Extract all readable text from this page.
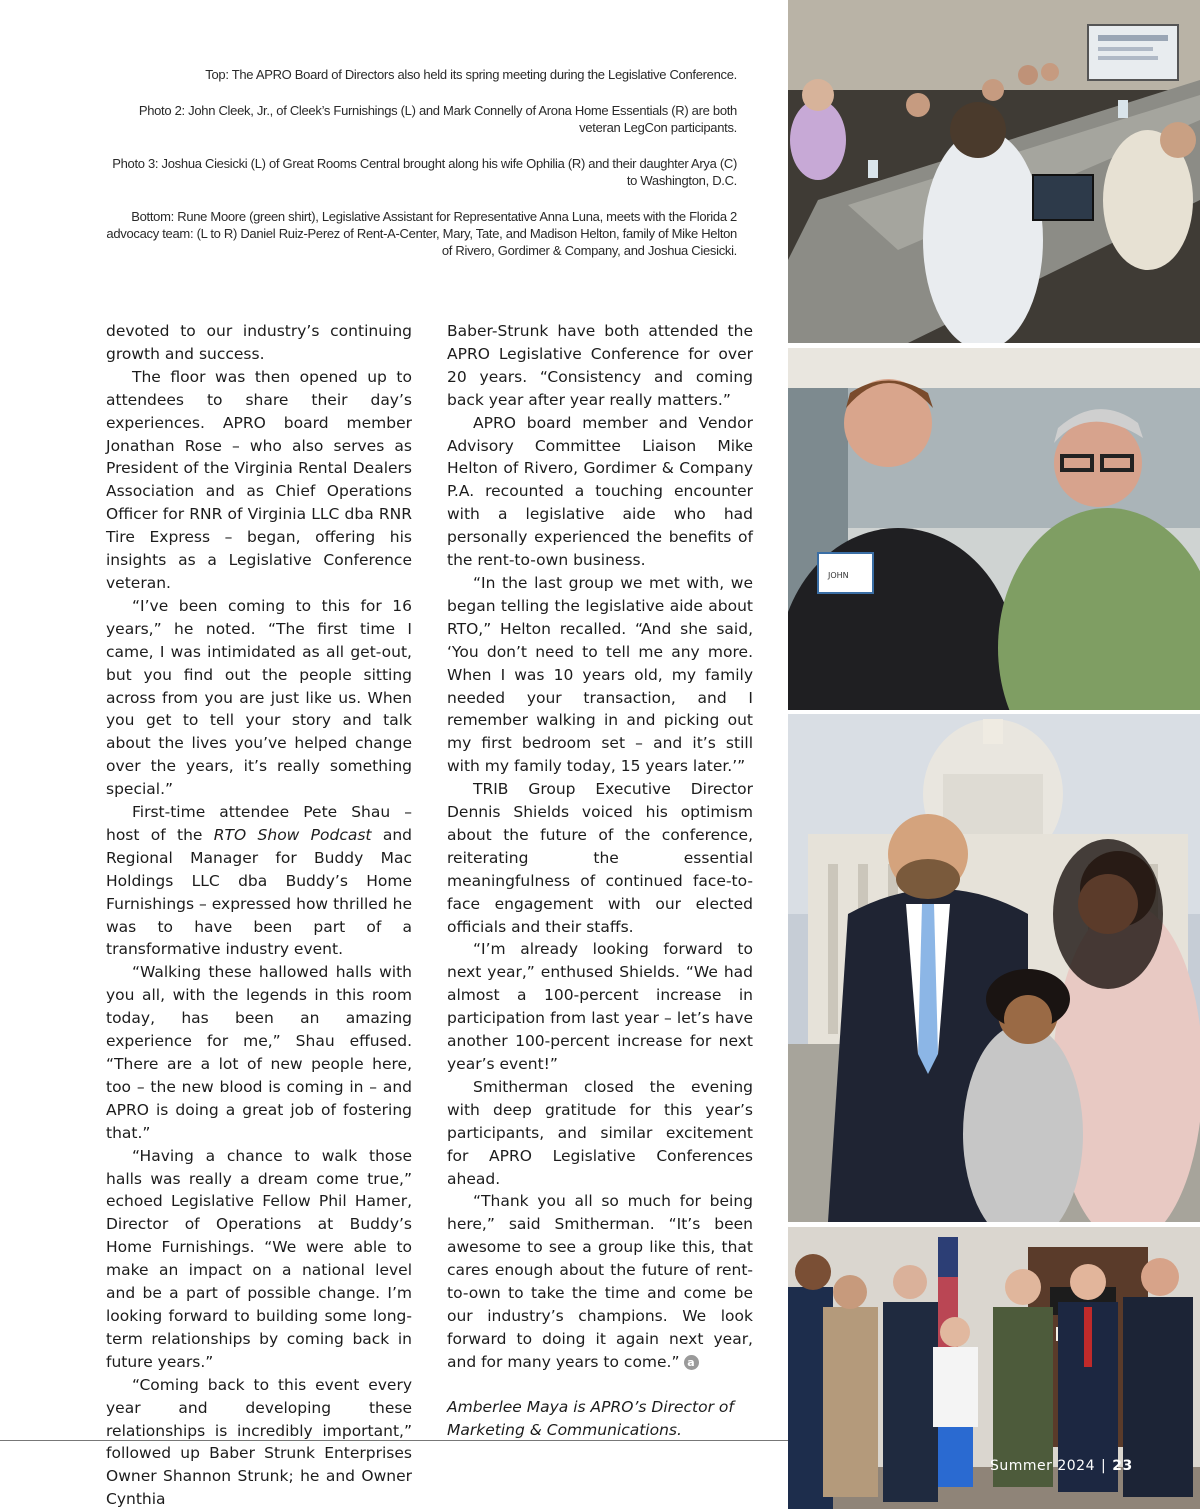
Top: The APRO Board of Directors also held its spring meeting during the Legislative Conference.

Photo 2: John Cleek, Jr., of Cleek’s Furnishings (L) and Mark Connelly of Arona Home Essentials (R) are both veteran LegCon participants.

Photo 3: Joshua Ciesicki (L) of Great Rooms Central brought along his wife Ophilia (R) and their daughter Arya (C) to Washington, D.C.

Bottom: Rune Moore (green shirt), Legislative Assistant for Representative Anna Luna, meets with the Florida 2 advocacy team: (L to R) Daniel Ruiz-Perez of Rent-A-Center, Mary, Tate, and Madison Helton, family of Mike Helton of Rivero, Gordimer & Company, and Joshua Ciesicki.

devoted to our industry’s continuing growth and success.

The floor was then opened up to attendees to share their day’s experiences. APRO board member Jonathan Rose – who also serves as President of the Virginia Rental Dealers Association and as Chief Operations Officer for RNR of Virginia LLC dba RNR Tire Express – began, offering his insights as a Legislative Conference veteran.

“I’ve been coming to this for 16 years,” he noted. “The first time I came, I was intimidated as all get-out, but you find out the people sitting across from you are just like us. When you get to tell your story and talk about the lives you’ve helped change over the years, it’s really something special.”

First-time attendee Pete Shau – host of the RTO Show Podcast and Regional Manager for Buddy Mac Holdings LLC dba Buddy’s Home Furnishings – expressed how thrilled he was to have been part of a transformative industry event.

“Walking these hallowed halls with you all, with the legends in this room today, has been an amazing experience for me,” Shau effused. “There are a lot of new people here, too – the new blood is coming in – and APRO is doing a great job of fostering that.”

“Having a chance to walk those halls was really a dream come true,” echoed Legislative Fellow Phil Hamer, Director of Operations at Buddy’s Home Furnishings. “We were able to make an impact on a national level and be a part of possible change. I’m looking forward to building some long-term relationships by coming back in future years.”

“Coming back to this event every year and developing these relationships is incredibly important,” followed up Baber Strunk Enterprises Owner Shannon Strunk; he and Owner Cynthia

Baber-Strunk have both attended the APRO Legislative Conference for over 20 years. “Consistency and coming back year after year really matters.”

APRO board member and Vendor Advisory Committee Liaison Mike Helton of Rivero, Gordimer & Company P.A. recounted a touching encounter with a legislative aide who had personally experienced the benefits of the rent-to-own business.

“In the last group we met with, we began telling the legislative aide about RTO,” Helton recalled. “And she said, ‘You don’t need to tell me any more. When I was 10 years old, my family needed your transaction, and I remember walking in and picking out my first bedroom set – and it’s still with my family today, 15 years later.’”

TRIB Group Executive Director Dennis Shields voiced his optimism about the future of the conference, reiterating the essential meaningfulness of continued face-to-face engagement with our elected officials and their staffs.

“I’m already looking forward to next year,” enthused Shields. “We had almost a 100-percent increase in participation from last year – let’s have another 100-percent increase for next year’s event!”

Smitherman closed the evening with deep gratitude for this year’s participants, and similar excitement for APRO Legislative Conferences ahead.

“Thank you all so much for being here,” said Smitherman. “It’s been awesome to see a group like this, that cares enough about the future of rent-to-own to take the time and come be our industry’s champions. We look forward to doing it again next year, and for many years to come.” a

Amberlee Maya is APRO’s Director of Marketing & Communications.

JOHN
Summer 2024 | 23
